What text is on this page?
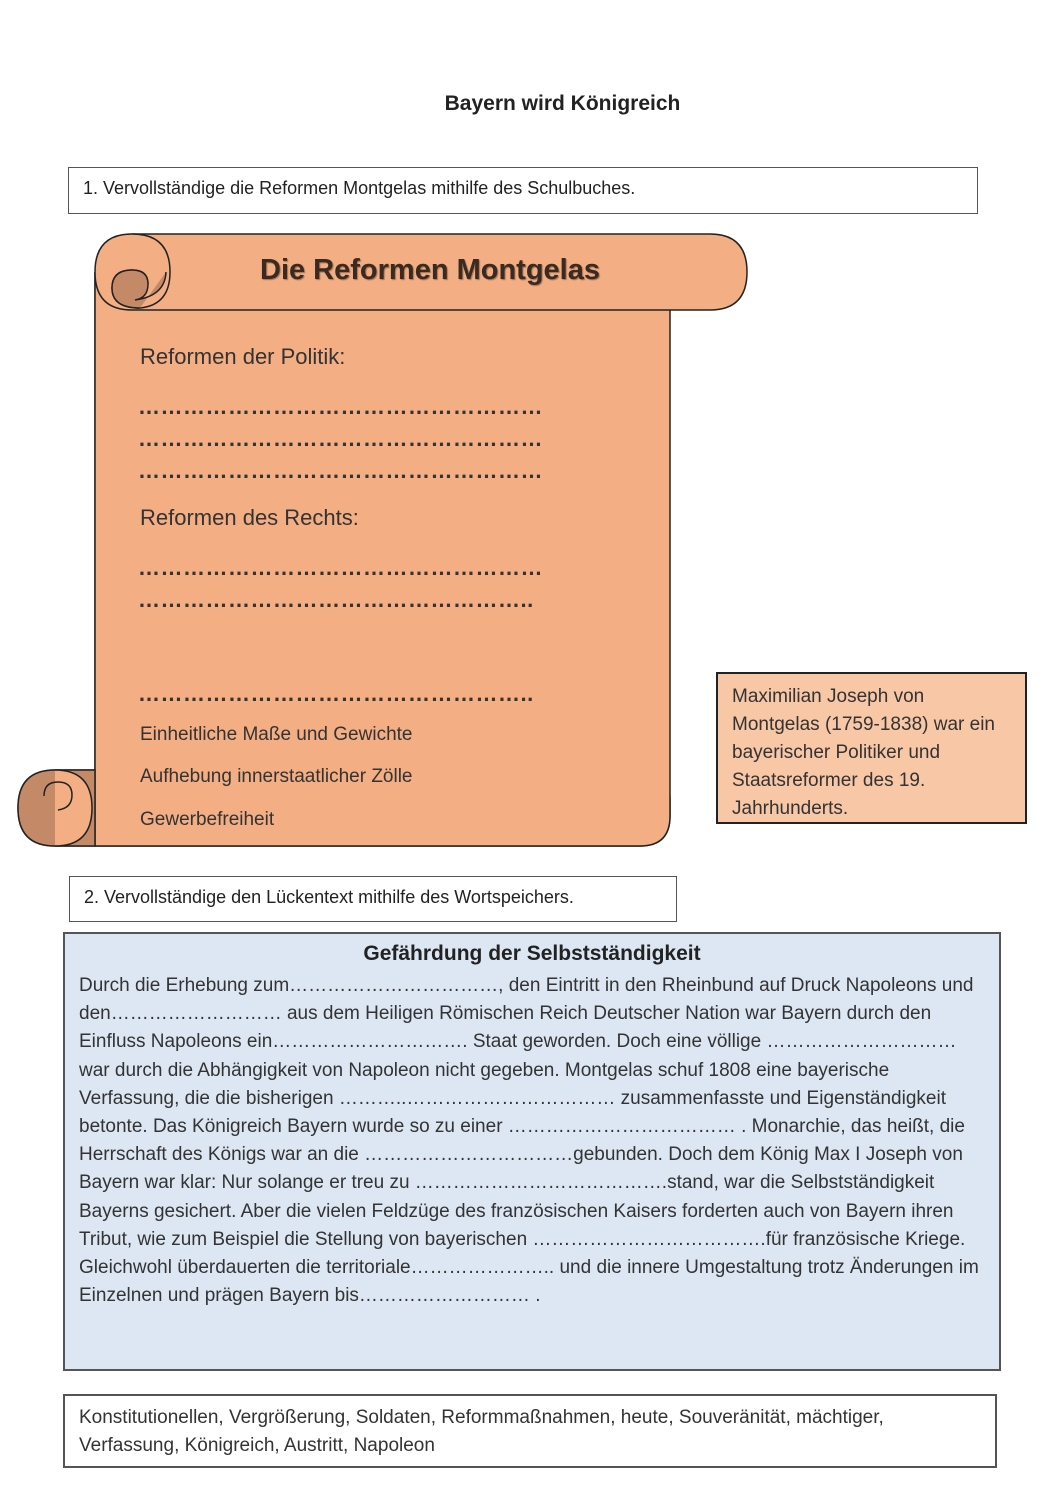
Bayern wird Königreich
1. Vervollständige die Reformen Montgelas mithilfe des Schulbuches.
Die Reformen Montgelas
Reformen der Politik:
………………………………………………
………………………………………………
………………………………………………
Reformen des Rechts:
………………………………………………
……………………………………………..
……………………………………………..
Einheitliche Maße und Gewichte
Aufhebung innerstaatlicher Zölle
Gewerbefreiheit
Maximilian Joseph von Montgelas (1759-1838) war ein bayerischer Politiker und Staatsreformer des 19. Jahrhunderts.
2. Vervollständige den Lückentext mithilfe des Wortspeichers.
Gefährdung der Selbstständigkeit

Durch die Erhebung zum……………………………, den Eintritt in den Rheinbund auf Druck Napoleons und den……………………… aus dem Heiligen Römischen Reich Deutscher Nation war Bayern durch den Einfluss Napoleons ein…………………………. Staat geworden. Doch eine völlige …………………………war durch die Abhängigkeit von Napoleon nicht gegeben. Montgelas schuf 1808 eine bayerische Verfassung, die die bisherigen ………..…………………………… zusammenfasste und Eigenständigkeit betonte. Das Königreich Bayern wurde so zu einer ……………………………… . Monarchie, das heißt, die Herrschaft des Königs war an die ……………………………gebunden. Doch dem König Max I Joseph von Bayern war klar: Nur solange er treu zu ………………………………….stand, war die Selbstständigkeit Bayerns gesichert. Aber die vielen Feldzüge des französischen Kaisers forderten auch von Bayern ihren Tribut, wie zum Beispiel die Stellung von bayerischen ……………………………….für französische Kriege. Gleichwohl überdauerten die territoriale………………….. und die innere Umgestaltung trotz Änderungen im Einzelnen und prägen Bayern bis……………………… .

Konstitutionellen, Vergrößerung, Soldaten, Reformmaßnahmen, heute, Souveränität, mächtiger, Verfassung, Königreich, Austritt, Napoleon
